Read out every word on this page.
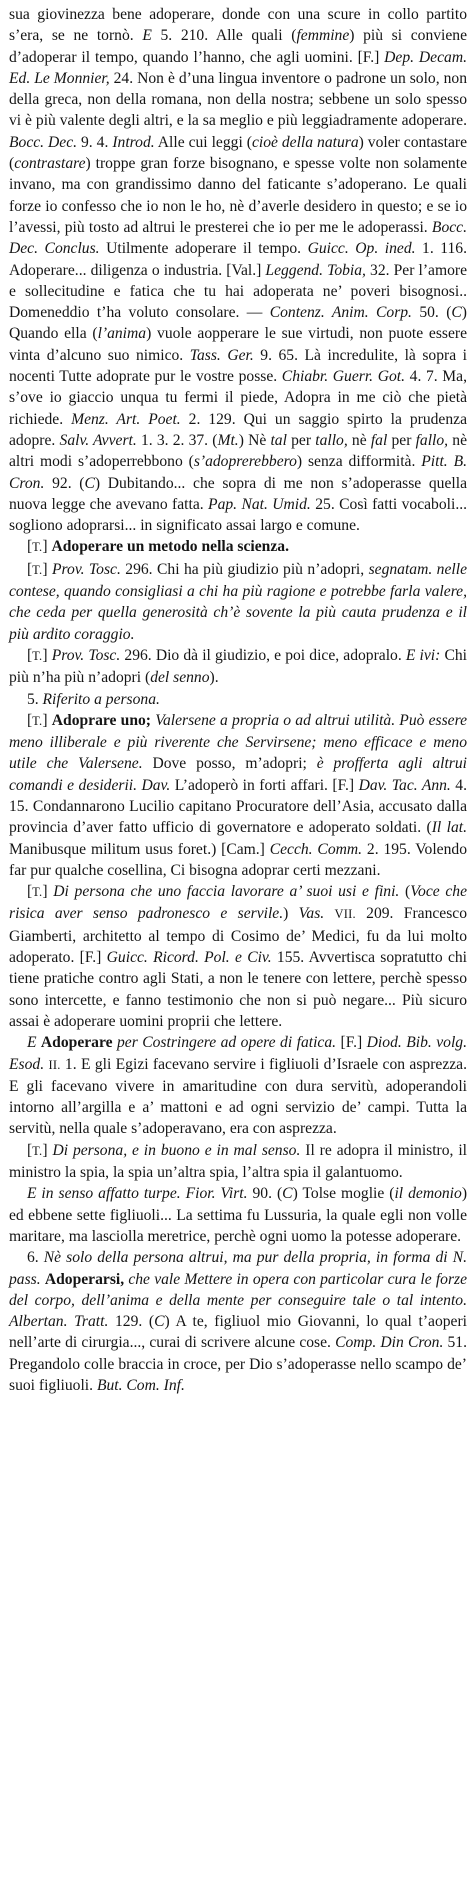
sua giovinezza bene adoperare, donde con una scure in collo partito s’era, se ne tornò. E 5. 210. Alle quali (femmine) più si conviene d’adoperar il tempo, quando l’hanno, che agli uomini. [F.] Dep. Decam. Ed. Le Monnier, 24. Non è d’una lingua inventore o padrone un solo, non della greca, non della romana, non della nostra; sebbene un solo spesso vi è più valente degli altri, e la sa meglio e più leggiadramente adoperare. Bocc. Dec. 9. 4. Introd. Alle cui leggi (cioè della natura) voler contastare (contrastare) troppe gran forze bisognano, e spesse volte non solamente invano, ma con grandissimo danno del faticante s’adoperano. Le quali forze io confesso che io non le ho, nè d’averle desidero in questo; e se io l’avessi, più tosto ad altrui le presterei che io per me le adoperassi. Bocc. Dec. Conclus. Utilmente adoperare il tempo. Guicc. Op. ined. 1. 116. Adoperare... diligenza o industria. [Val.] Leggend. Tobia, 32. Per l’amore e sollecitudine e fatica che tu hai adoperata ne’ poveri bisognosi.. Domeneddio t’ha voluto consolare. — Contenz. Anim. Corp. 50. (C) Quando ella (l’anima) vuole aopperare le sue virtudi, non puote essere vinta d’alcuno suo nimico. Tass. Ger. 9. 65. Là incredulite, là sopra i nocenti Tutte adoprate pur le vostre posse. Chiabr. Guerr. Got. 4. 7. Ma, s’ove io giaccio unqua tu fermi il piede, Adopra in me ciò che pietà richiede. Menz. Art. Poet. 2. 129. Qui un saggio spirto la prudenza adopre. Salv. Avvert. 1. 3. 2. 37. (Mt.) Nè tal per tallo, nè fal per fallo, nè altri modi s’adoperrebbono (s’adoprerebbero) senza difformità. Pitt. B. Cron. 92. (C) Dubitando... che sopra di me non s’adoperasse quella nuova legge che avevano fatta. Pap. Nat. Umid. 25. Così fatti vocaboli... sogliono adoprarsi... in significato assai largo e comune.

[T.] Adoperare un metodo nella scienza.

[T.] Prov. Tosc. 296. Chi ha più giudizio più n’adopri, segnatam. nelle contese, quando consigliasi a chi ha più ragione e potrebbe farla valere, che ceda per quella generosità ch’è sovente la più cauta prudenza e il più ardito coraggio.

[T.] Prov. Tosc. 296. Dio dà il giudizio, e poi dice, adopralo. E ivi: Chi più n’ha più n’adopri (del senno).

5. Riferito a persona.

[T.] Adoprare uno; Valersene a propria o ad altrui utilità. Può essere meno illiberale e più riverente che Servirsene; meno efficace e meno utile che Valersene. Dove posso, m’adopri; è profferta agli altrui comandi e desiderii. Dav. L’adoperò in forti affari. [F.] Dav. Tac. Ann. 4. 15. Condannarono Lucilio capitano Procuratore dell’Asia, accusato dalla provincia d’aver fatto ufficio di governatore e adoperato soldati. (Il lat. Manibusque militum usus foret.) [Cam.] Cecch. Comm. 2. 195. Volendo far pur qualche cosellina, Ci bisogna adoprar certi mezzani.

[T.] Di persona che uno faccia lavorare a’ suoi usi e fini. (Voce che risica aver senso padronesco e servile.) Vas. VII. 209. Francesco Giamberti, architetto al tempo di Cosimo de’ Medici, fu da lui molto adoperato. [F.] Guicc. Ricord. Pol. e Civ. 155. Avvertisca sopratutto chi tiene pratiche contro agli Stati, a non le tenere con lettere, perchè spesso sono intercette, e fanno testimonio che non si può negare... Più sicuro assai è adoperare uomini proprii che lettere.

E Adoperare per Costringere ad opere di fatica. [F.] Diod. Bib. volg. Esod. II. 1. E gli Egizi facevano servire i figliuoli d’Israele con asprezza. E gli facevano vivere in amaritudine con dura servitù, adoperandoli intorno all’argilla e a’ mattoni e ad ogni servizio de’ campi. Tutta la servitù, nella quale s’adoperavano, era con asprezza.

[T.] Di persona, e in buono e in mal senso. Il re adopra il ministro, il ministro la spia, la spia un’altra spia, l’altra spia il galantuomo.

E in senso affatto turpe. Fior. Virt. 90. (C) Tolse moglie (il demonio) ed ebbene sette figliuoli... La settima fu Lussuria, la quale egli non volle maritare, ma lasciolla meretrice, perchè ogni uomo la potesse adoperare.

6. Nè solo della persona altrui, ma pur della propria, in forma di N. pass. Adoperarsi, che vale Mettere in opera con particolar cura le forze del corpo, dell’anima e della mente per conseguire tale o tal intento. Albertan. Tratt. 129. (C) A te, figliuol mio Giovanni, lo qual t’aoperi nell’arte di cirurgia..., curai di scrivere alcune cose. Comp. Din Cron. 51. Pregandolo colle braccia in croce, per Dio s’adoperasse nello scampo de’ suoi figliuoli. But. Com. Inf.
